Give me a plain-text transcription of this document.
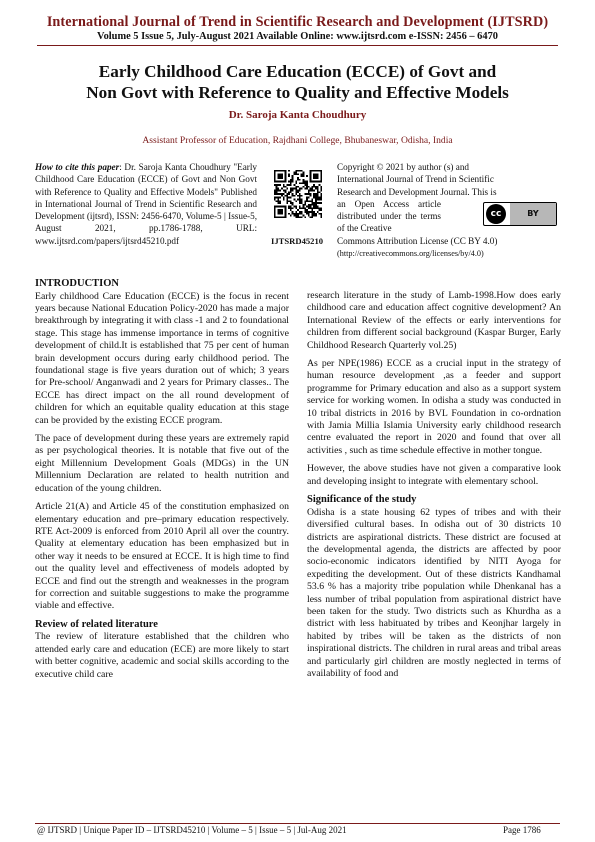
International Journal of Trend in Scientific Research and Development (IJTSRD)
Volume 5 Issue 5, July-August 2021 Available Online: www.ijtsrd.com e-ISSN: 2456 – 6470
Early Childhood Care Education (ECCE) of Govt and
Non Govt with Reference to Quality and Effective Models
Dr. Saroja Kanta Choudhury
Assistant Professor of Education, Rajdhani College, Bhubaneswar, Odisha, India
How to cite this paper: Dr. Saroja Kanta Choudhury "Early Childhood Care Education (ECCE) of Govt and Non Govt with Reference to Quality and Effective Models" Published in International Journal of Trend in Scientific Research and Development (ijtsrd), ISSN: 2456-6470, Volume-5 | Issue-5, August 2021, pp.1786-1788, URL: www.ijtsrd.com/papers/ijtsrd45210.pdf	IJTSRD45210
Copyright © 2021 by author (s) and
International Journal of Trend in Scientific
Research and Development Journal. This is
an Open Access article distributed under the terms of the Creative
cc	BY
Commons Attribution License (CC BY 4.0)
(http://creativecommons.org/licenses/by/4.0)
INTRODUCTION

Early childhood Care Education (ECCE) is the focus in recent years because National Education Policy-2020 has made a major breakthrough by integrating it with class -1 and 2 to foundational stage. This stage has immense importance in terms of cognitive development of child.It is established that 75 per cent of human brain development occurs during early childhood period. The foundational stage is five years duration out of which; 3 years for Pre-school/ Anganwadi and 2 years for Primary classes.. The ECCE has direct impact on the all round development of children for which an equitable quality education at this stage can be provided by the existing ECCE program.

The pace of development during these years are extremely rapid as per psychological theories. It is notable that five out of the eight Millennium Development Goals (MDGs) in the UN Millennium Declaration are related to health nutrition and education of the young children.

Article 21(A) and Article 45 of the constitution emphasized on elementary education and pre–primary education respectively. RTE Act-2009 is enforced from 2010 April all over the country. Quality at elementary education has been emphasized but in other way it needs to be ensured at ECCE. It is high time to find out the quality level and effectiveness of models adopted by ECCE and find out the strength and weaknesses in the program for correction and suitable suggestions to make the programme viable and effective.

Review of related literature

The review of literature established that the children who attended early care and education (ECE) are more likely to start with better cognitive, academic and social skills according to the executive child care

research literature in the study of Lamb-1998.How does early childhood care and education affect cognitive development? An International Review of the effects or early interventions for children from different social background (Kaspar Burger, Early Childhood Research Quarterly vol.25)

As per NPE(1986) ECCE as a crucial input in the strategy of human resource development ,as a feeder and support programme for Primary education and also as a support system service for working women. In odisha a study was conducted in 10 tribal districts in 2016 by BVL Foundation in co-ordnation with Jamia Millia Islamia University early childhood research centre evaluated the report in 2020 and found that over all activities , such as time schedule effective in mother tongue.

However, the above studies have not given a comparative look and developing insight to integrate with elementary school.

Significance of the study

Odisha is a state housing 62 types of tribes and with their diversified cultural bases. In odisha out of 30 districts 10 districts are aspirational districts. These district are focused at the developmental agenda, the districts are affected by poor socio-economic indicators identified by NITI Ayoga for expediting the development. Out of these districts Kandhamal 53.6 % has a majority tribe population while Dhenkanal has a less number of tribal population from aspirational district have been taken for the study. Two districts such as Khurdha as a district with less habituated by tribes and Keonjhar largely in habited by tribes will be taken as the districts of non inspirational districts. The children in rural areas and tribal areas and particularly girl children are mostly neglected in terms of availability of food and

@ IJTSRD | Unique Paper ID – IJTSRD45210 | Volume – 5 | Issue – 5 | Jul-Aug 2021	Page 1786
